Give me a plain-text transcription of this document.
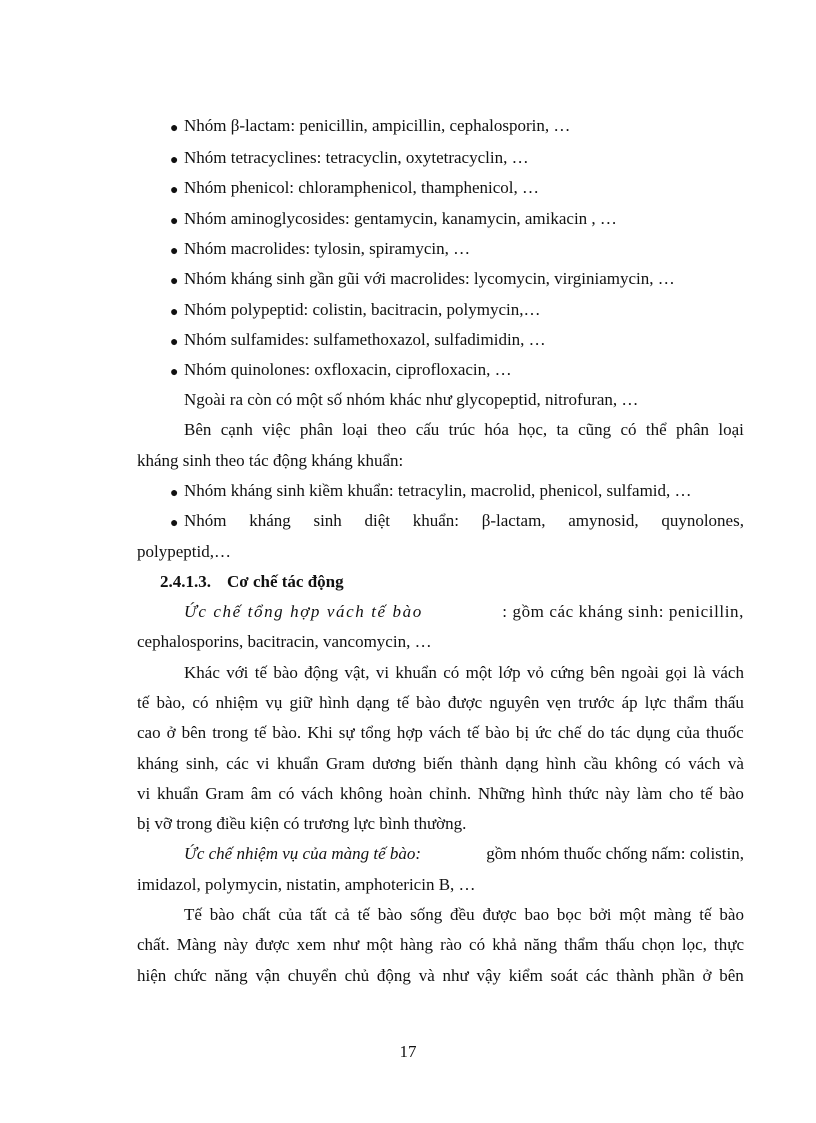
● Nhóm β-lactam: penicillin, ampicillin, cephalosporin, …
● Nhóm tetracyclines: tetracyclin, oxytetracyclin, …
● Nhóm phenicol: chloramphenicol, thamphenicol, …
● Nhóm aminoglycosides: gentamycin, kanamycin, amikacin , …
● Nhóm macrolides: tylosin, spiramycin, …
● Nhóm kháng sinh gần gũi với macrolides: lycomycin, virginiamycin, …
● Nhóm polypeptid: colistin, bacitracin, polymycin,…
● Nhóm sulfamides: sulfamethoxazol, sulfadimidin, …
● Nhóm quinolones: oxfloxacin, ciprofloxacin, …
Ngoài ra còn có một số nhóm khác như glycopeptid, nitrofuran, …
Bên cạnh việc phân loại theo cấu trúc hóa học, ta cũng có thể phân loại
kháng sinh theo tác động kháng khuẩn:
● Nhóm kháng sinh kiềm khuẩn: tetracylin, macrolid, phenicol, sulfamid, …
● Nhóm kháng sinh diệt khuẩn: β-lactam, amynosid, quynolones,
polypeptid,…
2.4.1.3. Cơ chế tác động
Ức chế tổng hợp vách tế bào	: gồm các kháng sinh: penicillin,
cephalosporins, bacitracin, vancomycin, …
Khác với tế bào động vật, vi khuẩn có một lớp vỏ cứng bên ngoài gọi là vách
tế bào, có nhiệm vụ giữ hình dạng tế bào được nguyên vẹn trước áp lực thẩm thấu
cao ở bên trong tế bào. Khi sự tổng hợp vách tế bào bị ức chế do tác dụng của thuốc
kháng sinh, các vi khuẩn Gram dương biến thành dạng hình cầu không có vách và
vi khuẩn Gram âm có vách không hoàn chỉnh. Những hình thức này làm cho tế bào
bị vỡ trong điều kiện có trương lực bình thường.
Ức chế nhiệm vụ của màng tế bào:	gồm nhóm thuốc chống nấm: colistin,
imidazol, polymycin, nistatin, amphotericin B, …
Tế bào chất của tất cả tế bào sống đều được bao bọc bởi một màng tế bào
chất. Màng này được xem như một hàng rào có khả năng thẩm thấu chọn lọc, thực
hiện chức năng vận chuyển chủ động và như vậy kiểm soát các thành phần ở bên
17
